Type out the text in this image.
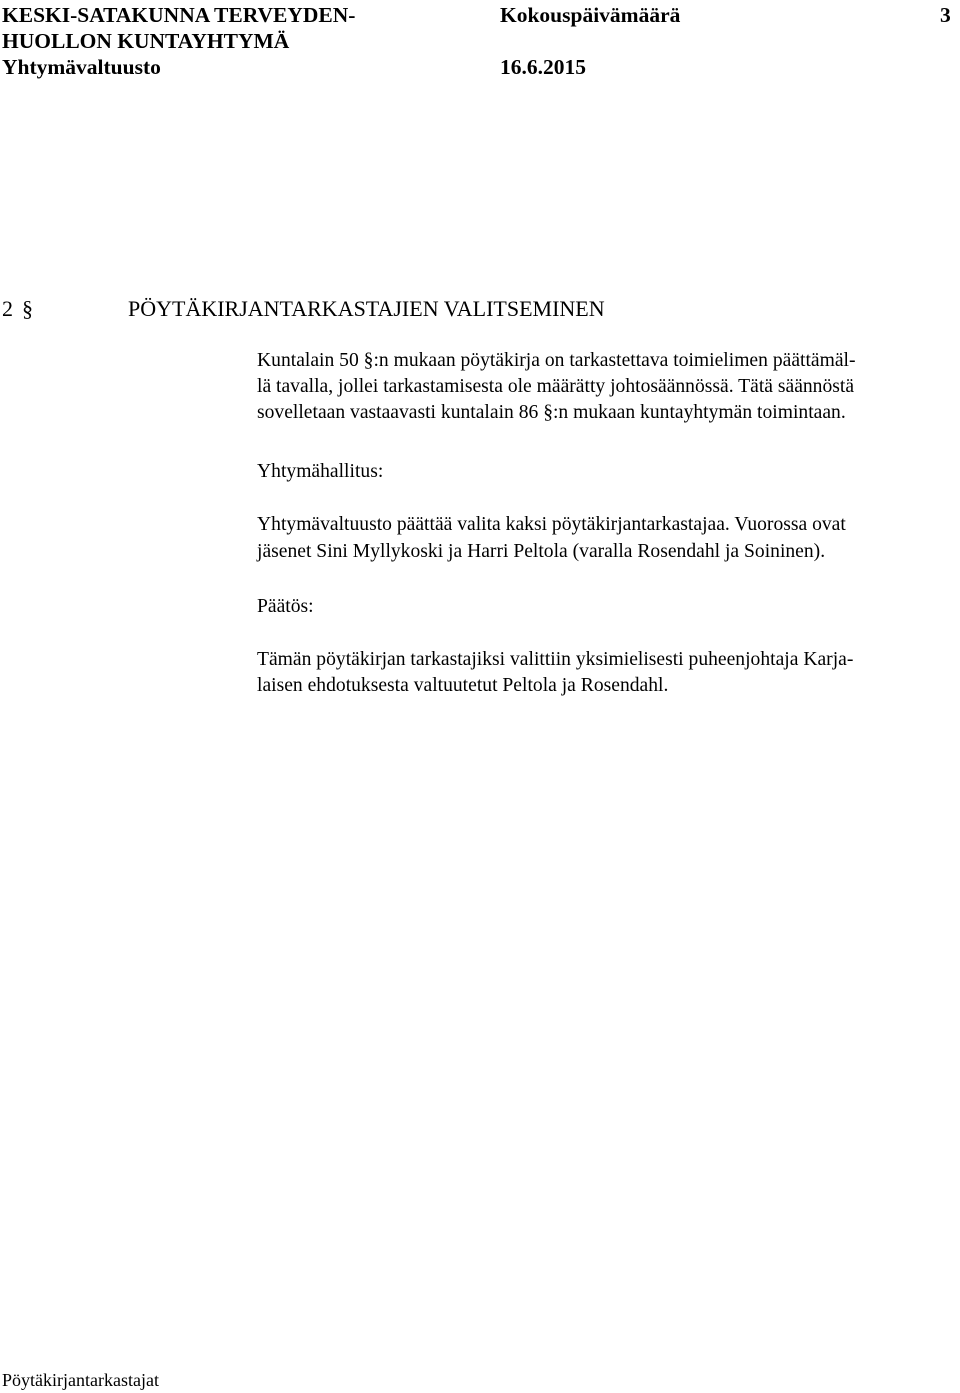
KESKI-SATAKUNNA TERVEYDEN-
HUOLLON KUNTAYHTYMÄ
Yhtymävaltuusto
Kokouspäivämäärä	3
16.6.2015
2 §	PÖYTÄKIRJANTARKASTAJIEN VALITSEMINEN
Kuntalain 50 §:n mukaan pöytäkirja on tarkastettava toimielimen päättämäl-
lä tavalla, jollei tarkastamisesta ole määrätty johtosäännössä. Tätä säännöstä
sovelletaan vastaavasti kuntalain 86 §:n mukaan kuntayhtymän toimintaan.
Yhtymähallitus:
Yhtymävaltuusto päättää valita kaksi pöytäkirjantarkastajaa. Vuorossa ovat
jäsenet Sini Myllykoski ja Harri Peltola (varalla Rosendahl ja Soininen).
Päätös:
Tämän pöytäkirjan tarkastajiksi valittiin yksimielisesti puheenjohtaja Karja-
laisen ehdotuksesta valtuutetut Peltola ja Rosendahl.
Pöytäkirjantarkastajat
